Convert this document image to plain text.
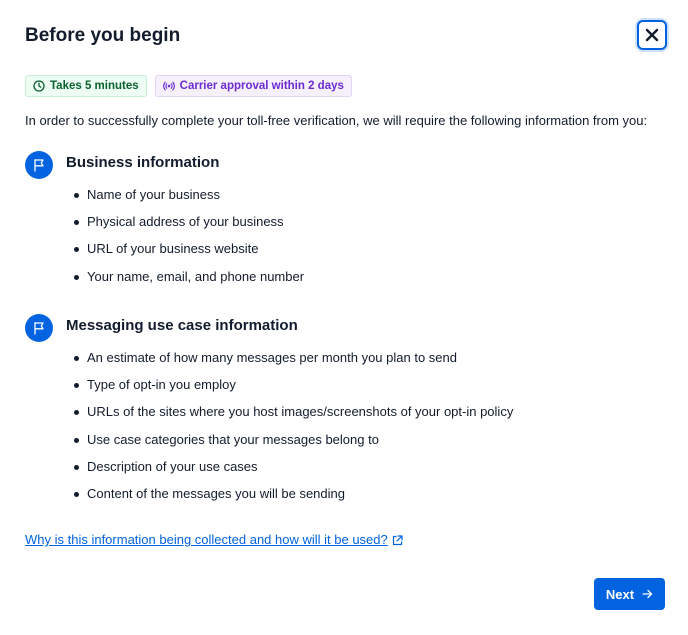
Before you begin
Takes 5 minutes	Carrier approval within 2 days
In order to successfully complete your toll-free verification, we will require the following information from you:
Business information
Name of your business
Physical address of your business
URL of your business website
Your name, email, and phone number
Messaging use case information
An estimate of how many messages per month you plan to send
Type of opt-in you employ
URLs of the sites where you host images/screenshots of your opt-in policy
Use case categories that your messages belong to
Description of your use cases
Content of the messages you will be sending
Why is this information being collected and how will it be used?
Next
